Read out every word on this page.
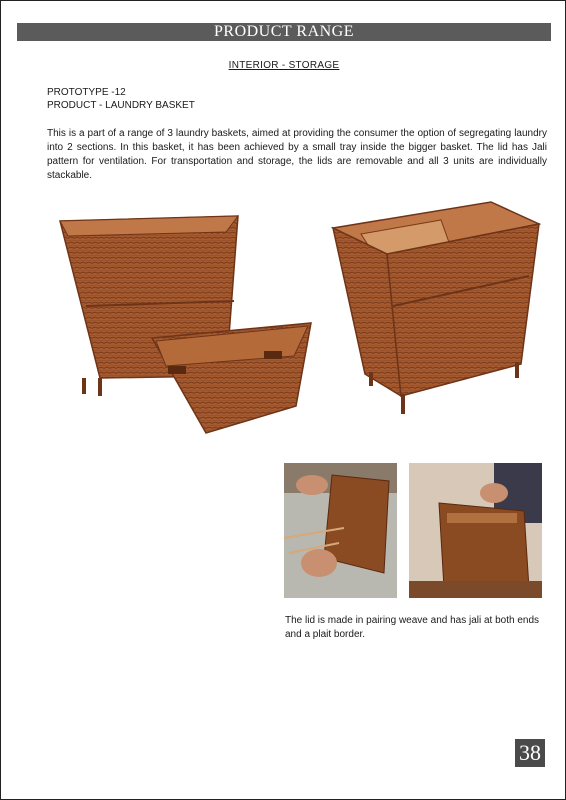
PRODUCT RANGE
INTERIOR - STORAGE
PROTOTYPE -12
PRODUCT - LAUNDRY BASKET
This is a part of a range of 3 laundry baskets, aimed at providing the consumer the option of segregating laundry into 2 sections. In this basket, it has been achieved by a small tray inside the bigger basket. The lid has Jali pattern for ventilation. For transportation and storage, the lids are removable and all 3 units are individually stackable.
The lid is made in pairing weave and has jali at both ends and a plait border.
38
